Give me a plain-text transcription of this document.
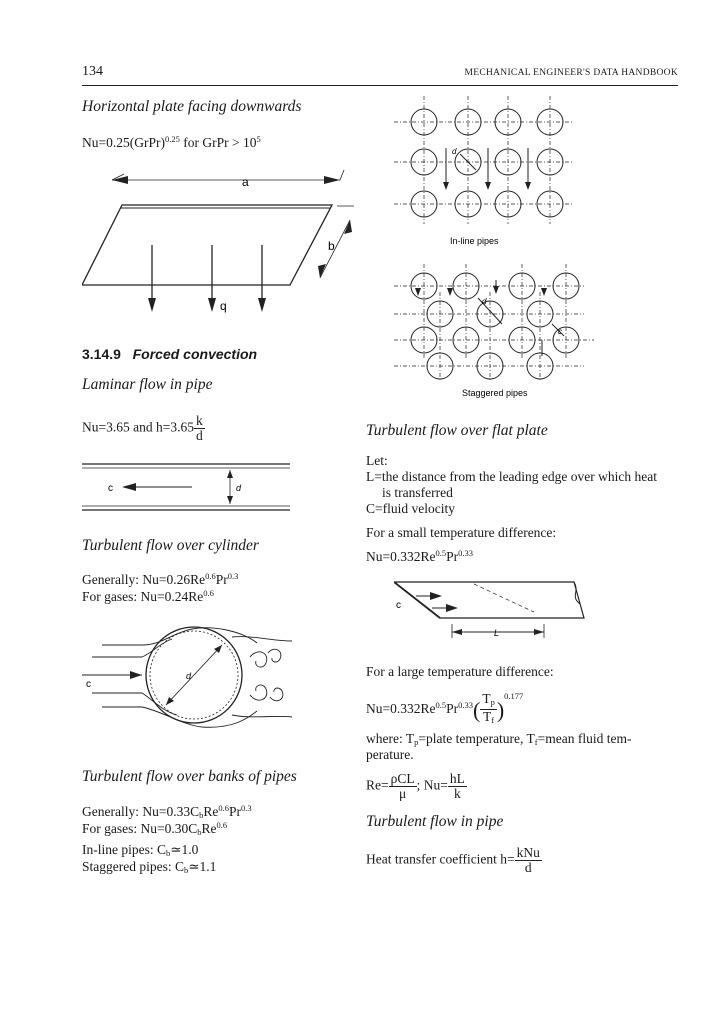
134	MECHANICAL ENGINEER'S DATA HANDBOOK
Horizontal plate facing downwards
Nu=0.25(GrPr)$^{0.25}$ for GrPr > $10^5$
a
b
q
3.14.9 Forced convection
Laminar flow in pipe
Nu=3.65 and $h=3.65 \frac{k}{d}$
c	d
Turbulent flow over cylinder
Generally: $Nu=0.26Re^{0.6}Pr^{0.3}$
For gases: $Nu=0.24Re^{0.6}$
c
d
Turbulent flow over banks of pipes
Generally: $Nu=0.33C_bRe^{0.6}Pr^{0.3}$
For gases: $Nu=0.30C_bRe^{0.6}$
In-line pipes: $C_b≃1.0$
Staggered pipes: $C_b≃1.1$
d
In-line pipes
d
c
Staggered pipes
Turbulent flow over flat plate
Let:
L=the distance from the leading edge over which heat
is transferred
C=fluid velocity
For a small temperature difference:
$Nu=0.332Re^{0.5}Pr^{0.33}$
c
L
For a large temperature difference:
$Nu=0.332Re^{0.5}Pr^{0.33}( \frac{T_p}{T_f} )^{0.177}$
where: $T_p=plate$ temperature, $T_f=mean$ fluid tem-
perature.
$Re= \frac{\text{ρCL}}{\mu}$ ; $Nu= \frac{hL}{k}$
Turbulent flow in pipe
Heat transfer coefficient $h= \frac{\text{kNu}}{d}$
